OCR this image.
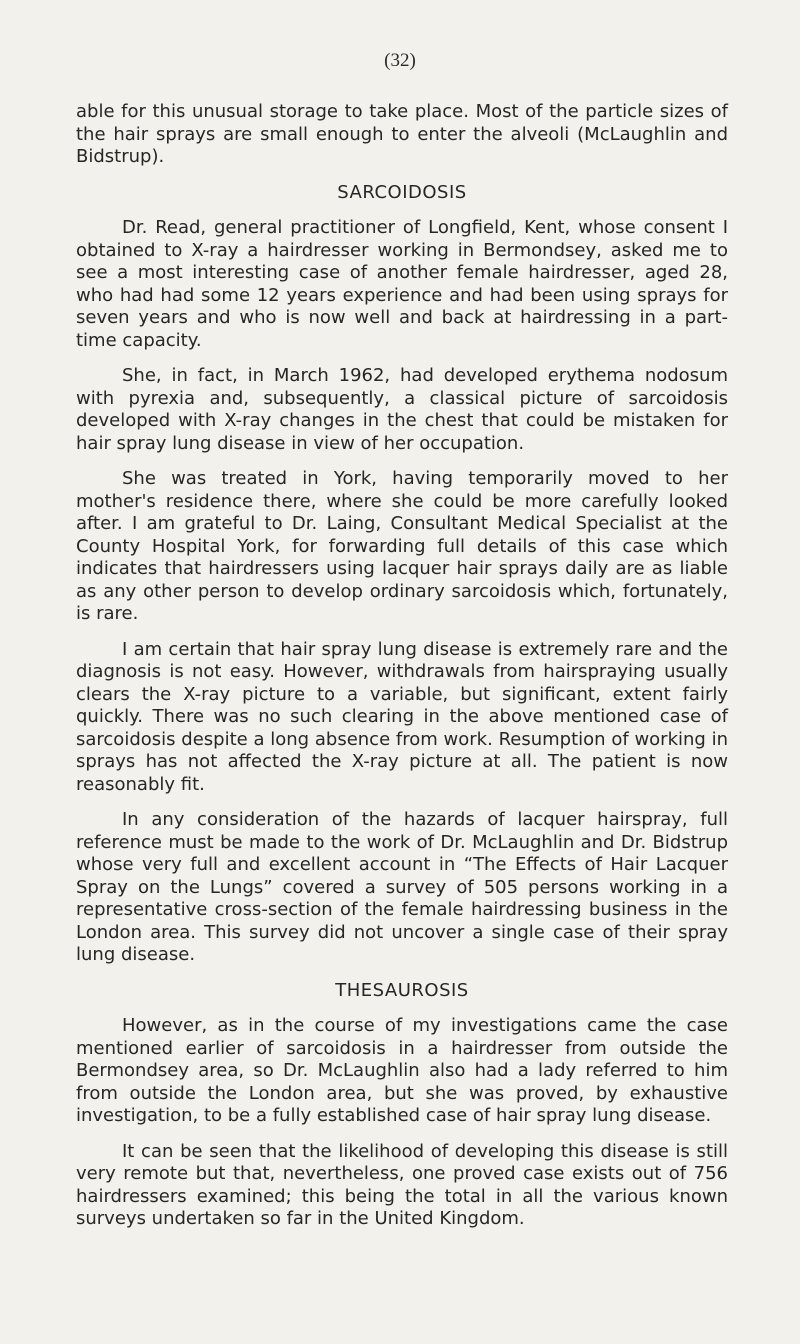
(32)

able for this unusual storage to take place. Most of the particle sizes of the hair sprays are small enough to enter the alveoli (McLaughlin and Bidstrup).

SARCOIDOSIS

Dr. Read, general practitioner of Longfield, Kent, whose consent I obtained to X-ray a hairdresser working in Bermondsey, asked me to see a most interesting case of another female hairdresser, aged 28, who had had some 12 years experience and had been using sprays for seven years and who is now well and back at hairdressing in a part-time capacity.

She, in fact, in March 1962, had developed erythema nodosum with pyrexia and, subsequently, a classical picture of sarcoidosis developed with X-ray changes in the chest that could be mistaken for hair spray lung disease in view of her occupation.

She was treated in York, having temporarily moved to her mother's residence there, where she could be more carefully looked after. I am grateful to Dr. Laing, Consultant Medical Specialist at the County Hospital York, for forwarding full details of this case which indicates that hairdressers using lacquer hair sprays daily are as liable as any other person to develop ordinary sarcoidosis which, fortunately, is rare.

I am certain that hair spray lung disease is extremely rare and the diagnosis is not easy. However, withdrawals from hairspraying usually clears the X-ray picture to a variable, but significant, extent fairly quickly. There was no such clearing in the above mentioned case of sarcoidosis despite a long absence from work. Resumption of working in sprays has not affected the X-ray picture at all. The patient is now reasonably fit.

In any consideration of the hazards of lacquer hairspray, full reference must be made to the work of Dr. McLaughlin and Dr. Bidstrup whose very full and excellent account in “The Effects of Hair Lacquer Spray on the Lungs” covered a survey of 505 persons working in a representative cross-section of the female hairdressing business in the London area. This survey did not uncover a single case of their spray lung disease.

THESAUROSIS

However, as in the course of my investigations came the case mentioned earlier of sarcoidosis in a hairdresser from outside the Bermondsey area, so Dr. McLaughlin also had a lady referred to him from outside the London area, but she was proved, by exhaustive investigation, to be a fully established case of hair spray lung disease.

It can be seen that the likelihood of developing this disease is still very remote but that, nevertheless, one proved case exists out of 756 hairdressers examined; this being the total in all the various known surveys undertaken so far in the United Kingdom.
